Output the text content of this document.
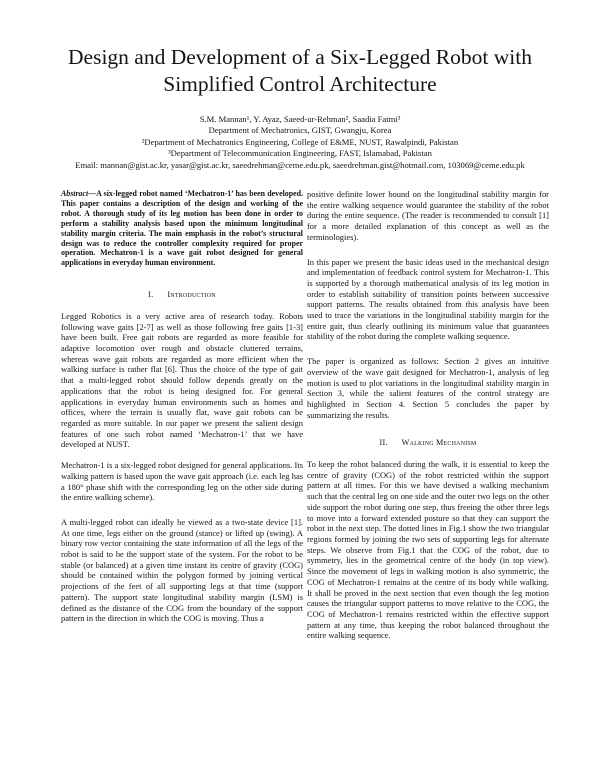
Design and Development of a Six-Legged Robot with Simplified Control Architecture
S.M. Mannan¹, Y. Ayaz, Saeed-ur-Rehman², Saadia Fatmi³
Department of Mechatronics, GIST, Gwangju, Korea
²Department of Mechatronics Engineering, College of E&ME, NUST, Rawalpindi, Pakistan
³Department of Telecommunication Engineering, FAST, Islamabad, Pakistan
Email: mannan@gist.ac.kr, yasar@gist.ac.kr, saeedrehman@ceme.edu.pk, saeedrehman.gist@hotmail.com, 103069@ceme.edu.pk

Abstract—A six-legged robot named ‘Mechatron-1’ has been developed. This paper contains a description of the design and working of the robot. A thorough study of its leg motion has been done in order to perform a stability analysis based upon the minimum longitudinal stability margin criteria. The main emphasis in the robot’s structural design was to reduce the controller complexity required for proper operation. Mechatron-1 is a wave gait robot designed for general applications in everyday human environment.

I. Introduction

Legged Robotics is a very active area of research today. Robots following wave gaits [2-7] as well as those following free gaits [1-3] have been built. Free gait robots are regarded as more feasible for adaptive locomotion over rough and obstacle cluttered terrains, whereas wave gait robots are regarded as more efficient when the walking surface is rather flat [6]. Thus the choice of the type of gait that a multi-legged robot should follow depends greatly on the applications that the robot is being designed for. For general applications in everyday human environments such as homes and offices, where the terrain is usually flat, wave gait robots can be regarded as more suitable. In our paper we present the salient design features of one such robot named ‘Mechatron-1’ that we have developed at NUST.

Mechatron-1 is a six-legged robot designed for general applications. Its walking pattern is based upon the wave gait approach (i.e. each leg has a 180° phase shift with the corresponding leg on the other side during the entire walking scheme).

A multi-legged robot can ideally be viewed as a two-state device [1]. At one time, legs either on the ground (stance) or lifted up (swing). A binary row vector containing the state information of all the legs of the robot is said to be the support state of the system. For the robot to be stable (or balanced) at a given time instant its centre of gravity (COG) should be contained within the polygon formed by joining vertical projections of the feet of all supporting legs at that time (support pattern). The support state longitudinal stability margin (LSM) is defined as the distance of the COG from the boundary of the support pattern in the direction in which the COG is moving. Thus a

positive definite lower bound on the longitudinal stability margin for the entire walking sequence would guarantee the stability of the robot during the entire sequence. (The reader is recommended to consult [1] for a more detailed explanation of this concept as well as the terminologies).

In this paper we present the basic ideas used in the mechanical design and implementation of feedback control system for Mechatron-1. This is supported by a thorough mathematical analysis of its leg motion in order to establish suitability of transition points between successive support patterns. The results obtained from this analysis have been used to trace the variations in the longitudinal stability margin for the entire gait, thus clearly outlining its minimum value that guarantees stability of the robot during the complete walking sequence.

The paper is organized as follows: Section 2 gives an intuitive overview of the wave gait designed for Mechatron-1, analysis of leg motion is used to plot variations in the longitudinal stability margin in Section 3, while the salient features of the control strategy are highlighted in Section 4. Section 5 concludes the paper by summarizing the results.

II. Walking Mechanism

To keep the robot balanced during the walk, it is essential to keep the centre of gravity (COG) of the robot restricted within the support pattern at all times. For this we have devised a walking mechanism such that the central leg on one side and the outer two legs on the other side support the robot during one step, thus freeing the other three legs to move into a forward extended posture so that they can support the robot in the next step. The dotted lines in Fig.1 show the two triangular regions formed by joining the two sets of supporting legs for alternate steps. We observe from Fig.1 that the COG of the robot, due to symmetry, lies in the geometrical centre of the body (in top view). Since the movement of legs in walking motion is also symmetric, the COG of Mechatron-1 remains at the centre of its body while walking. It shall be proved in the next section that even though the leg motion causes the triangular support patterns to move relative to the COG, the COG of Mechatron-1 remains restricted within the effective support pattern at any time, thus keeping the robot balanced throughout the entire walking sequence.
